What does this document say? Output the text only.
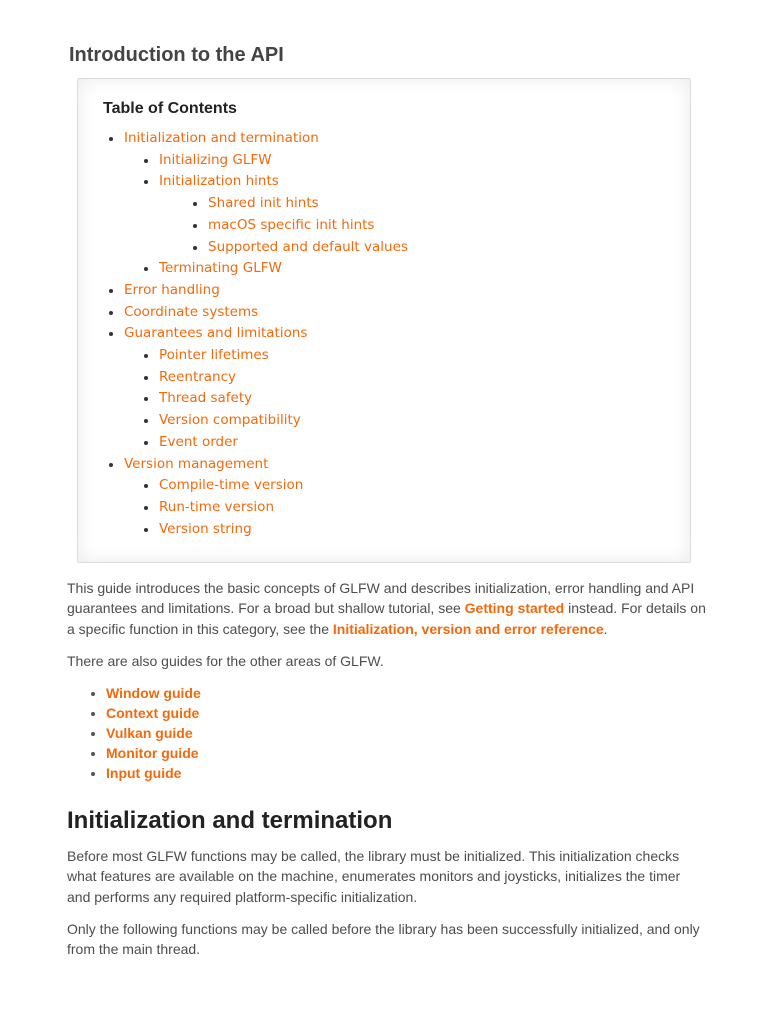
Introduction to the API
Table of Contents
Initialization and termination
Initializing GLFW
Initialization hints
Shared init hints
macOS specific init hints
Supported and default values
Terminating GLFW
Error handling
Coordinate systems
Guarantees and limitations
Pointer lifetimes
Reentrancy
Thread safety
Version compatibility
Event order
Version management
Compile-time version
Run-time version
Version string

This guide introduces the basic concepts of GLFW and describes initialization, error handling and API guarantees and limitations. For a broad but shallow tutorial, see Getting started instead. For details on a specific function in this category, see the Initialization, version and error reference.

There are also guides for the other areas of GLFW.

Window guide
Context guide
Vulkan guide
Monitor guide
Input guide
Initialization and termination

Before most GLFW functions may be called, the library must be initialized. This initialization checks what features are available on the machine, enumerates monitors and joysticks, initializes the timer and performs any required platform-specific initialization.

Only the following functions may be called before the library has been successfully initialized, and only from the main thread.
